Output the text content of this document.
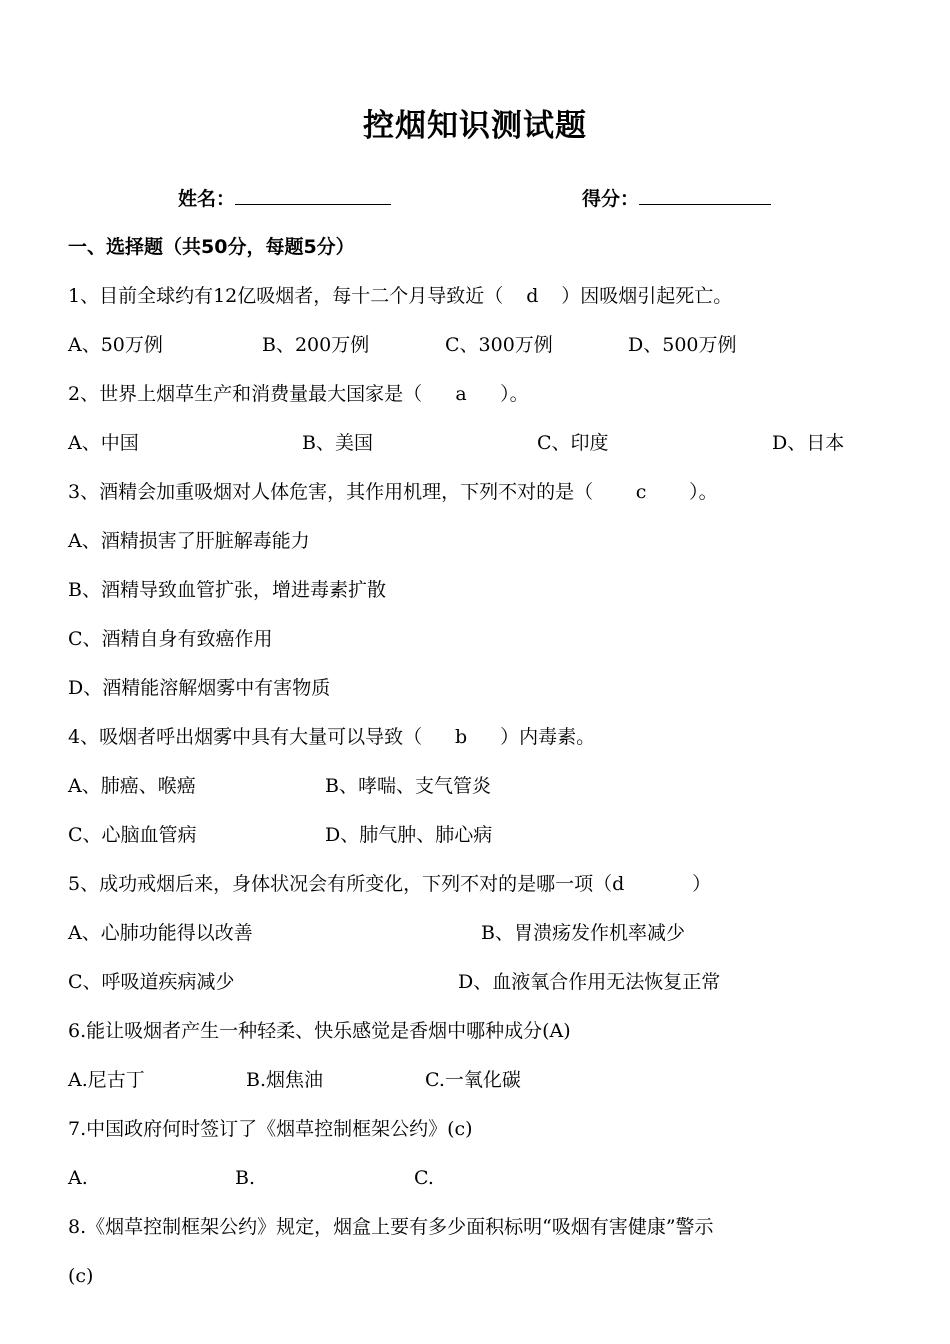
控烟知识测试题
姓名：	得分：
一、选择题（共50分，每题5分）
1、目前全球约有12亿吸烟者，每十二个月导致近（ d ）因吸烟引起死亡。
A、50万例	B、200万例	C、300万例	D、500万例
2、世界上烟草生产和消费量最大国家是（ a ）。
A、中国	B、美国	C、印度	D、日本
3、酒精会加重吸烟对人体危害，其作用机理，下列不对的是（ c ）。
A、酒精损害了肝脏解毒能力
B、酒精导致血管扩张，增进毒素扩散
C、酒精自身有致癌作用
D、酒精能溶解烟雾中有害物质
4、吸烟者呼出烟雾中具有大量可以导致（ b ）内毒素。
A、肺癌、喉癌	B、哮喘、支气管炎
C、心脑血管病	D、肺气肿、肺心病
5、成功戒烟后来，身体状况会有所变化，下列不对的是哪一项（d	）
A、心肺功能得以改善	B、胃溃疡发作机率减少
C、呼吸道疾病减少	D、血液氧合作用无法恢复正常
6.能让吸烟者产生一种轻柔、快乐感觉是香烟中哪种成分(A)
A.尼古丁	B.烟焦油	C.一氧化碳
7.中国政府何时签订了《烟草控制框架公约》(c)
A.	B.	C.
8.《烟草控制框架公约》规定，烟盒上要有多少面积标明“吸烟有害健康”警示
(c)
